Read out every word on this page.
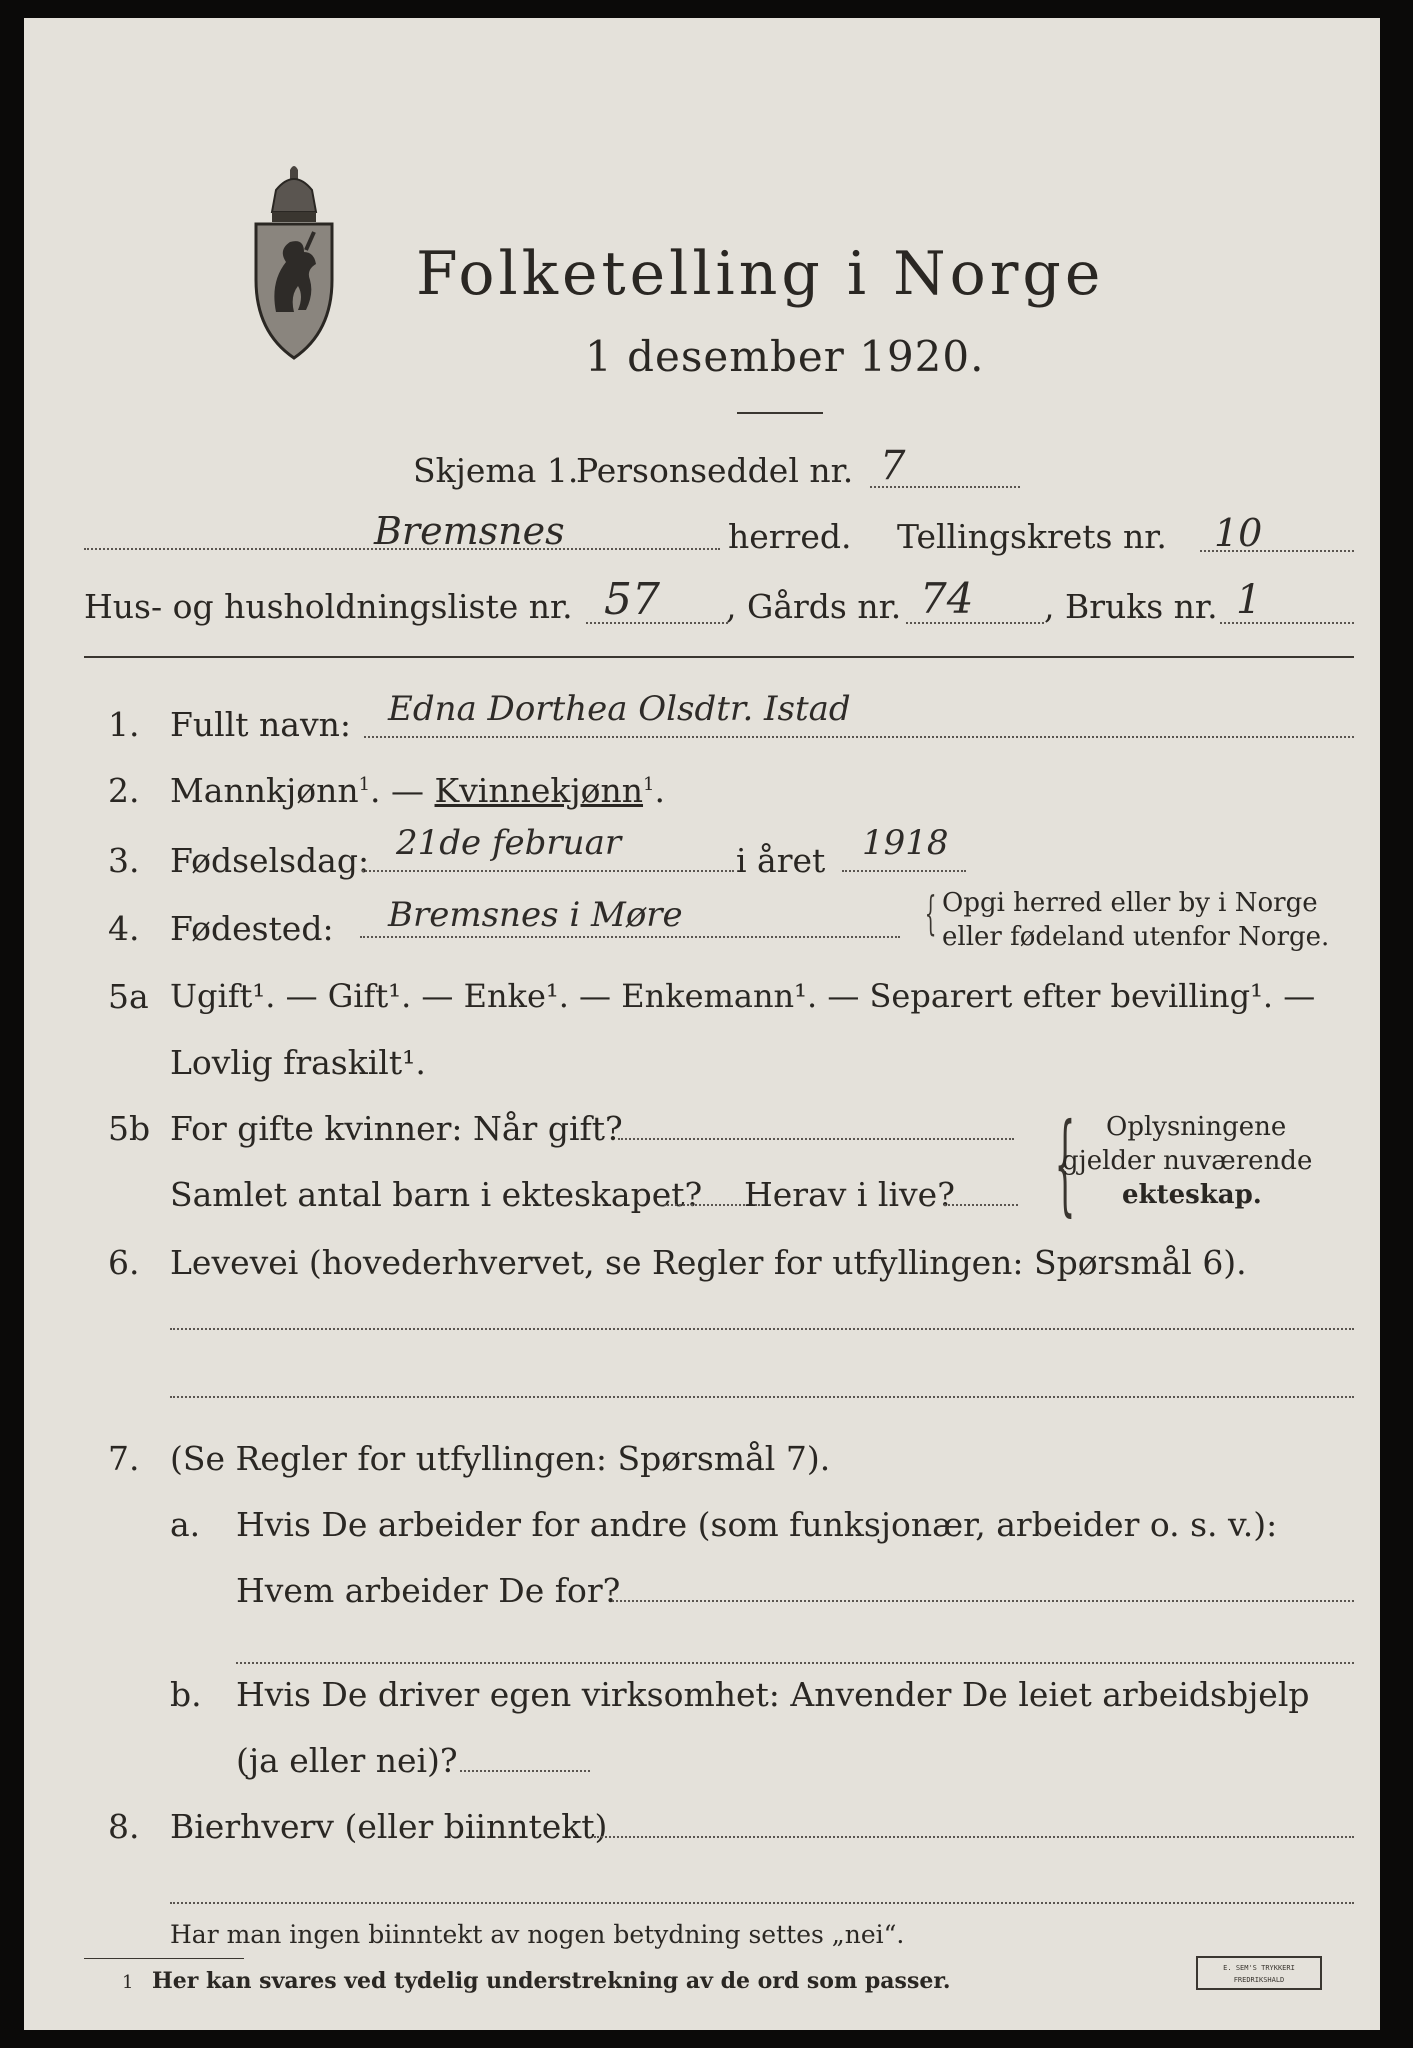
Folketelling i Norge
1 desember 1920.
Skjema 1.
Personseddel nr. 7
Bremsnes	herred. Tellingskrets nr. 10
Hus- og husholdningsliste nr. 57 , Gårds nr. 74 , Bruks nr. 1
1. Fullt navn: Edna Dorthea Olsdtr. Istad
2. Mannkjønn$^1$. — Kvinnekjønn$^1$.
3. Fødselsdag: 21de februar	i året 1918
4. Fødested: Bremsnes i Møre	{ Opgi herred eller by i Norge
eller fødeland utenfor Norge.
5a Ugift¹. — Gift¹. — Enke¹. — Enkemann¹. — Separert efter bevilling¹. —
Lovlig fraskilt¹.
5b For gifte kvinner: Når gift?
Samlet antal barn i ekteskapet? Herav i live? { Oplysningene
gjelder nuværende
ekteskap.
6. Levevei (hovederhvervet, se Regler for utfyllingen: Spørsmål 6).
7. (Se Regler for utfyllingen: Spørsmål 7).
a. Hvis De arbeider for andre (som funksjonær, arbeider o. s. v.):
Hvem arbeider De for?
b. Hvis De driver egen virksomhet: Anvender De leiet arbeidsbjelp
(ja eller nei)?
8. Bierhverv (eller biinntekt)
Har man ingen biinntekt av nogen betydning settes „nei“.
1 Her kan svares ved tydelig understrekning av de ord som passer.	E. SEM'S TRYKKERI FREDRIKSHALD
